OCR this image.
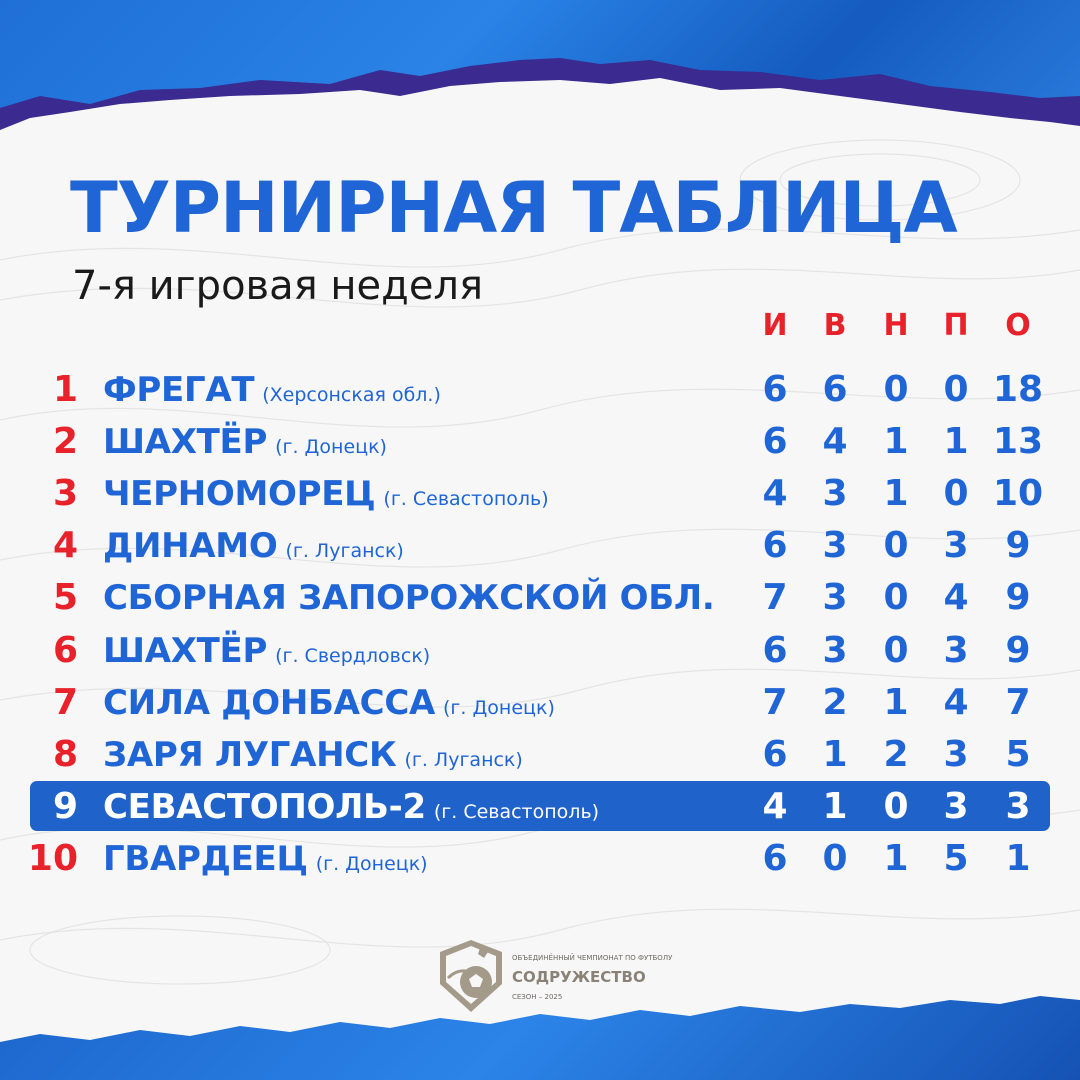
ТУРНИРНАЯ ТАБЛИЦА
7-я игровая неделя
И В Н П О
1 ФРЕГАТ (Херсонская обл.)	6 6 0 0 18
2 ШАХТЁР (г. Донецк)	6 4 1 1 13
3 ЧЕРНОМОРЕЦ (г. Севастополь)	4 3 1 0 10
4 ДИНАМО (г. Луганск)	6 3 0 3	9
5 СБОРНАЯ ЗАПОРОЖСКОЙ ОБЛ.	7 3 0 4	9
6 ШАХТЁР (г. Свердловск)	6 3 0 3	9
7 СИЛА ДОНБАССА (г. Донецк)	7 2 1 4	7
8 ЗАРЯ ЛУГАНСК (г. Луганск)	6 1 2 3	5
9 СЕВАСТОПОЛЬ-2 (г. Севастополь)	4 1 0 3	3
10 ГВАРДЕЕЦ (г. Донецк)	6 0 1 5	1
ОБЪЕДИНЁННЫЙ ЧЕМПИОНАТ ПО ФУТБОЛУ
СОДРУЖЕСТВО
СЕЗОН – 2025
